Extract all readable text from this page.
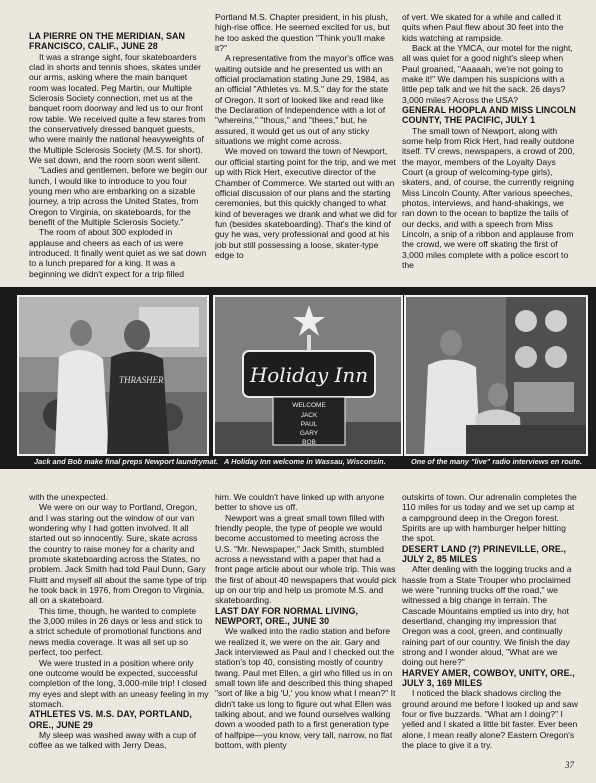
LA PIERRE ON THE MERIDIAN, SAN FRANCISCO, CALIF., JUNE 28

It was a strange sight, four skateboarders clad in shorts and tennis shoes, skates under our arms, asking where the main banquet room was located. Peg Martin, our Multiple Sclerosis Society connection, met us at the banquet room doorway and led us to our front row table. We received quite a few stares from the conservatively dressed banquet guests, who were mainly the national heavyweights of the Multiple Sclerosis Society (M.S. for short). We sat down, and the room soon went silent.

"Ladies and gentlemen, before we begin our lunch, I would like to introduce to you four young men who are embarking on a sizable journey, a trip across the United States, from Oregon to Virginia, on skateboards, for the benefit of the Multiple Sclerosis Society."

The room of about 300 exploded in applause and cheers as each of us were introduced. It finally went quiet as we sat down to a lunch prepared for a king. It was a beginning we didn't expect for a trip filled

Portland M.S. Chapter president, in his plush, high-rise office. He seemed excited for us, but he too asked the question "Think you'll make it?"

A representative from the mayor's office was waiting outside and he presented us with an official proclamation stating June 29, 1984, as an official "Athletes vs. M.S." day for the state of Oregon. It sort of looked like and read like the Declaration of Independence with a lot of "whereins," "thous," and "thees," but, he assured, it would get us out of any sticky situations we might come across.

We moved on toward the town of Newport, our official starting point for the trip, and we met up with Rick Hert, executive director of the Chamber of Commerce. We started out with an official discussion of our plans and the starting ceremonies, but this quickly changed to what kind of beverages we drank and what we did for fun (besides skateboarding). That's the kind of guy he was, very professional and good at his job but still possessing a loose, skater-type edge to

of vert. We skated for a while and called it quits when Paul flew about 30 feet into the kids watching at rampside.

Back at the YMCA, our motel for the night, all was quiet for a good night's sleep when Paul groaned, "Aaaaah, we're not going to make it!" We dampen his suspicions with a little pep talk and we hit the sack. 26 days? 3,000 miles? Across the USA?

GENERAL HOOPLA AND MISS LINCOLN COUNTY, THE PACIFIC, JULY 1

The small town of Newport, along with some help from Rick Hert, had really outdone itself. TV crews, newspapers, a crowd of 200, the mayor, members of the Loyalty Days Court (a group of welcoming-type girls), skaters, and, of course, the currently reigning Miss Lincoln County. After various speeches, photos, interviews, and hand-shakings, we ran down to the ocean to baptize the tails of our decks, and with a speech from Miss Lincoln, a snip of a ribbon and applause from the crowd, we were off skating the first of 3,000 miles complete with a police escort to the

THRASHER	Holiday Inn
WELCOME
JACK
PAUL
GARY
BOB
Jack and Bob make final preps Newport laundrymat. A Holiday Inn welcome in Wassau, Wisconsin.	One of the many "live" radio interviews en route.

with the unexpected.

We were on our way to Portland, Oregon, and I was staring out the window of our van wondering why I had gotten involved. It all started out so innocently. Sure, skate across the country to raise money for a charity and promote skateboarding across the States, no problem. Jack Smith had told Paul Dunn, Gary Fluitt and myself all about the same type of trip he took back in 1976, from Oregon to Virginia, all on a skateboard.

This time, though, he wanted to complete the 3,000 miles in 26 days or less and stick to a strict schedule of promotional functions and news media coverage. It was all set up so perfect, too perfect.

We were trusted in a position where only one outcome would be expected, successful completion of the long, 3,000-mile trip! I closed my eyes and slept with an uneasy feeling in my stomach.

ATHLETES VS. M.S. DAY, PORTLAND, ORE., JUNE 29

My sleep was washed away with a cup of coffee as we talked with Jerry Deas,

him. We couldn't have linked up with anyone better to shove us off.

Newport was a great small town filled with friendly people, the type of people we would become accustomed to meeting across the U.S. "Mr. Newspaper," Jack Smith, stumbled across a newsstand with a paper that had a front page article about our whole trip. This was the first of about 40 newspapers that would pick up on our trip and help us promote M.S. and skateboarding.

LAST DAY FOR NORMAL LIVING, NEWPORT, ORE., JUNE 30

We walked into the radio station and before we realized it, we were on the air. Gary and Jack interviewed as Paul and I checked out the station's top 40, consisting mostly of country twang. Paul met Ellen, a girl who filled us in on small town life and described this thing shaped "sort of like a big 'U,' you know what I mean?" It didn't take us long to figure out what Ellen was talking about, and we found ourselves walking down a wooded path to a first generation type of halfpipe—you know, very tall, narrow, no flat bottom, with plenty

outskirts of town. Our adrenalin completes the 110 miles for us today and we set up camp at a campground deep in the Oregon forest. Spirits are up with hamburger helper hitting the spot.

DESERT LAND (?) PRINEVILLE, ORE., JULY 2, 85 MILES

After dealing with the logging trucks and a hassle from a State Trouper who proclaimed we were "running trucks off the road," we witnessed a big change in terrain. The Cascade Mountains emptied us into dry, hot desertland, changing my impression that Oregon was a cool, green, and continually raining part of our country. We finish the day strong and I wonder aloud, "What are we doing out here?"

HARVEY AMER, COWBOY, UNITY, ORE., JULY 3, 169 MILES

I noticed the black shadows circling the ground around me before I looked up and saw four or five buzzards. "What am I doing?" I yelled and I skated a little bit faster. Ever been alone, I mean really alone? Eastern Oregon's the place to give it a try.

37
